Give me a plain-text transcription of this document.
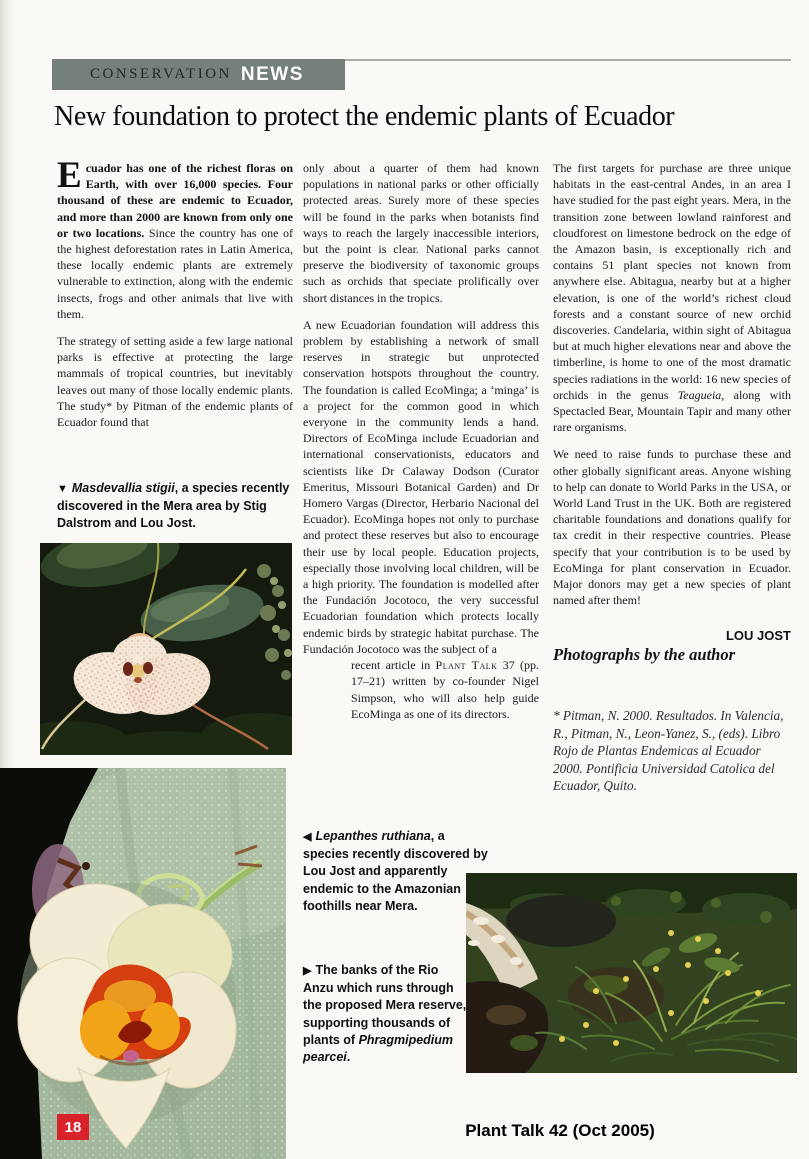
CONSERVATION NEWS
New foundation to protect the endemic plants of Ecuador

Ecuador has one of the richest floras on Earth, with over 16,000 species. Four thousand of these are endemic to Ecuador, and more than 2000 are known from only one or two locations. Since the country has one of the highest deforestation rates in Latin America, these locally endemic plants are extremely vulnerable to extinction, along with the endemic insects, frogs and other animals that live with them.

The strategy of setting aside a few large national parks is effective at protecting the large mammals of tropical countries, but inevitably leaves out many of those locally endemic plants. The study* by Pitman of the endemic plants of Ecuador found that

▼ Masdevallia stigii, a species recently discovered in the Mera area by Stig Dalstrom and Lou Jost.

only about a quarter of them had known populations in national parks or other officially protected areas. Surely more of these species will be found in the parks when botanists find ways to reach the largely inaccessible interiors, but the point is clear. National parks cannot preserve the biodiversity of taxonomic groups such as orchids that speciate prolifically over short distances in the tropics.

A new Ecuadorian foundation will address this problem by establishing a network of small reserves in strategic but unprotected conservation hotspots throughout the country. The foundation is called EcoMinga; a ‘minga’ is a project for the common good in which everyone in the community lends a hand. Directors of EcoMinga include Ecuadorian and international conservationists, educators and scientists like Dr Calaway Dodson (Curator Emeritus, Missouri Botanical Garden) and Dr Homero Vargas (Director, Herbario Nacional del Ecuador). EcoMinga hopes not only to purchase and protect these reserves but also to encourage their use by local people. Education projects, especially those involving local children, will be a high priority. The foundation is modelled after the Fundación Jocotoco, the very successful Ecuadorian foundation which protects locally endemic birds by strategic habitat purchase. The Fundación Jocotoco was the subject of a

recent article in Plant Talk 37 (pp. 17–21) written by co-founder Nigel Simpson, who will also help guide EcoMinga as one of its directors.

◀ Lepanthes ruthiana, a species recently discovered by Lou Jost and apparently endemic to the Amazonian foothills near Mera.
▶ The banks of the Rio Anzu which runs through the proposed Mera reserve, supporting thousands of plants of Phragmipedium pearcei.

The first targets for purchase are three unique habitats in the east-central Andes, in an area I have studied for the past eight years. Mera, in the transition zone between lowland rainforest and cloudforest on limestone bedrock on the edge of the Amazon basin, is exceptionally rich and contains 51 plant species not known from anywhere else. Abitagua, nearby but at a higher elevation, is one of the world’s richest cloud forests and a constant source of new orchid discoveries. Candelaria, within sight of Abitagua but at much higher elevations near and above the timberline, is home to one of the most dramatic species radiations in the world: 16 new species of orchids in the genus Teagueia, along with Spectacled Bear, Mountain Tapir and many other rare organisms.

We need to raise funds to purchase these and other globally significant areas. Anyone wishing to help can donate to World Parks in the USA, or World Land Trust in the UK. Both are registered charitable foundations and donations qualify for tax credit in their respective countries. Please specify that your contribution is to be used by EcoMinga for plant conservation in Ecuador. Major donors may get a new species of plant named after them!

LOU JOST

Photographs by the author

* Pitman, N. 2000. Resultados. In Valencia, R., Pitman, N., Leon-Yanez, S., (eds). Libro Rojo de Plantas Endemicas al Ecuador 2000. Pontificia Universidad Catolica del Ecuador, Quito.

18	Plant Talk 42 (Oct 2005)
